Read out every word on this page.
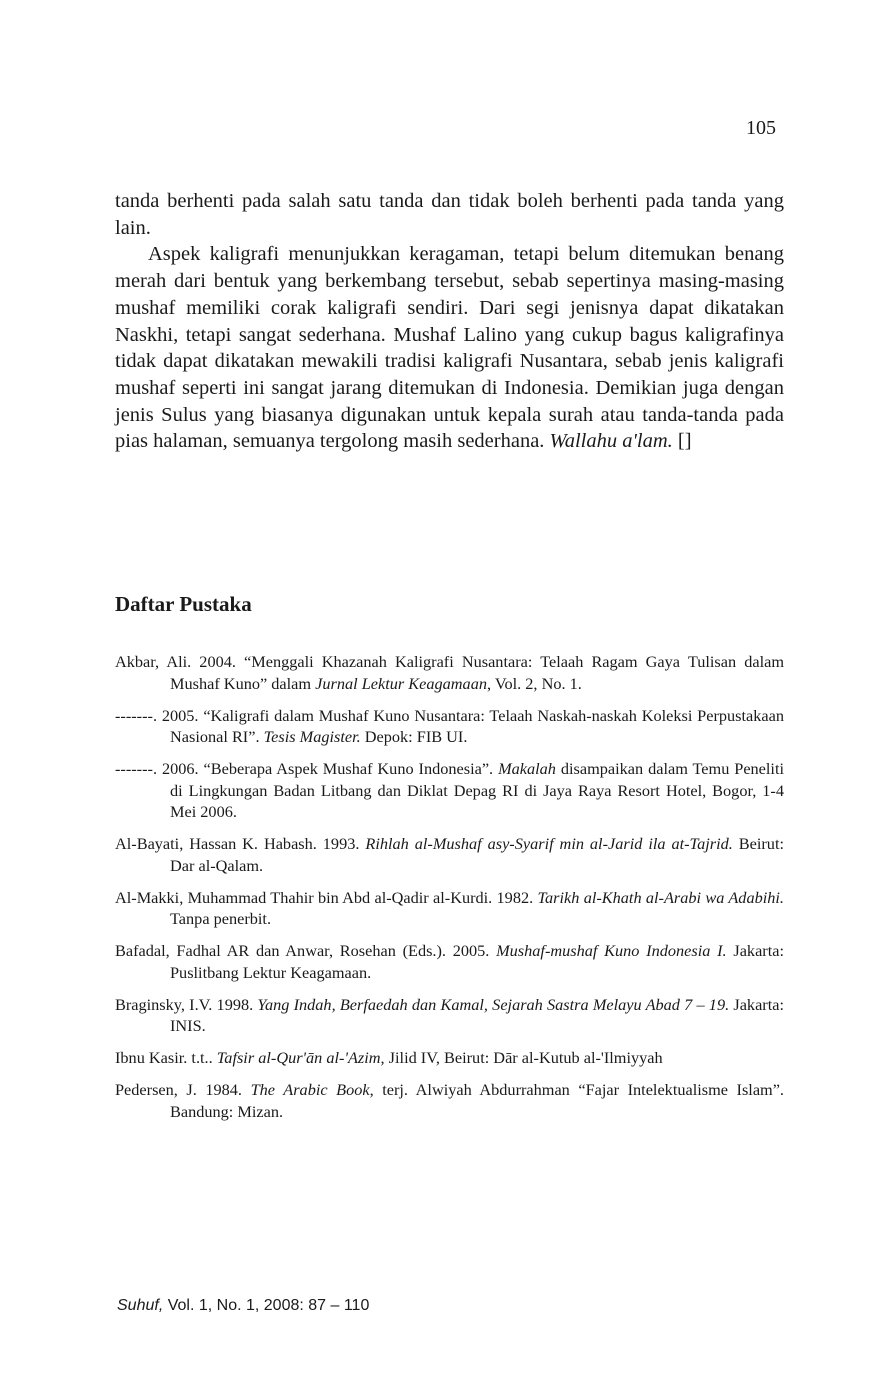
105

tanda berhenti pada salah satu tanda dan tidak boleh berhenti pada tanda yang lain.

Aspek kaligrafi menunjukkan keragaman, tetapi belum ditemukan benang merah dari bentuk yang berkembang tersebut, sebab sepertinya masing-masing mushaf memiliki corak kaligrafi sendiri. Dari segi jenisnya dapat dikatakan Naskhi, tetapi sangat sederhana. Mushaf Lalino yang cukup bagus kaligrafinya tidak dapat dikatakan mewakili tradisi kaligrafi Nusantara, sebab jenis kaligrafi mushaf seperti ini sangat jarang ditemukan di Indonesia. Demikian juga dengan jenis Sulus yang biasanya digunakan untuk kepala surah atau tanda-tanda pada pias halaman, semuanya tergolong masih sederhana. Wallahu a'lam. []

Daftar Pustaka

Akbar, Ali. 2004. “Menggali Khazanah Kaligrafi Nusantara: Telaah Ragam Gaya Tulisan dalam Mushaf Kuno” dalam Jurnal Lektur Keagamaan, Vol. 2, No. 1.

-------. 2005. “Kaligrafi dalam Mushaf Kuno Nusantara: Telaah Naskah-naskah Koleksi Perpustakaan Nasional RI”. Tesis Magister. Depok: FIB UI.

-------. 2006. “Beberapa Aspek Mushaf Kuno Indonesia”. Makalah disampaikan dalam Temu Peneliti di Lingkungan Badan Litbang dan Diklat Depag RI di Jaya Raya Resort Hotel, Bogor, 1-4 Mei 2006.

Al-Bayati, Hassan K. Habash. 1993. Rihlah al-Mushaf asy-Syarif min al-Jarid ila at-Tajrid. Beirut: Dar al-Qalam.

Al-Makki, Muhammad Thahir bin Abd al-Qadir al-Kurdi. 1982. Tarikh al-Khath al-Arabi wa Adabihi. Tanpa penerbit.

Bafadal, Fadhal AR dan Anwar, Rosehan (Eds.). 2005. Mushaf-mushaf Kuno Indonesia I. Jakarta: Puslitbang Lektur Keagamaan.

Braginsky, I.V. 1998. Yang Indah, Berfaedah dan Kamal, Sejarah Sastra Melayu Abad 7 – 19. Jakarta: INIS.

Ibnu Kasir. t.t.. Tafsir al-Qur'ān al-'Azim, Jilid IV, Beirut: Dār al-Kutub al-'Ilmiyyah

Pedersen, J. 1984. The Arabic Book, terj. Alwiyah Abdurrahman “Fajar Intelektualisme Islam”. Bandung: Mizan.

Suhuf, Vol. 1, No. 1, 2008: 87 – 110
